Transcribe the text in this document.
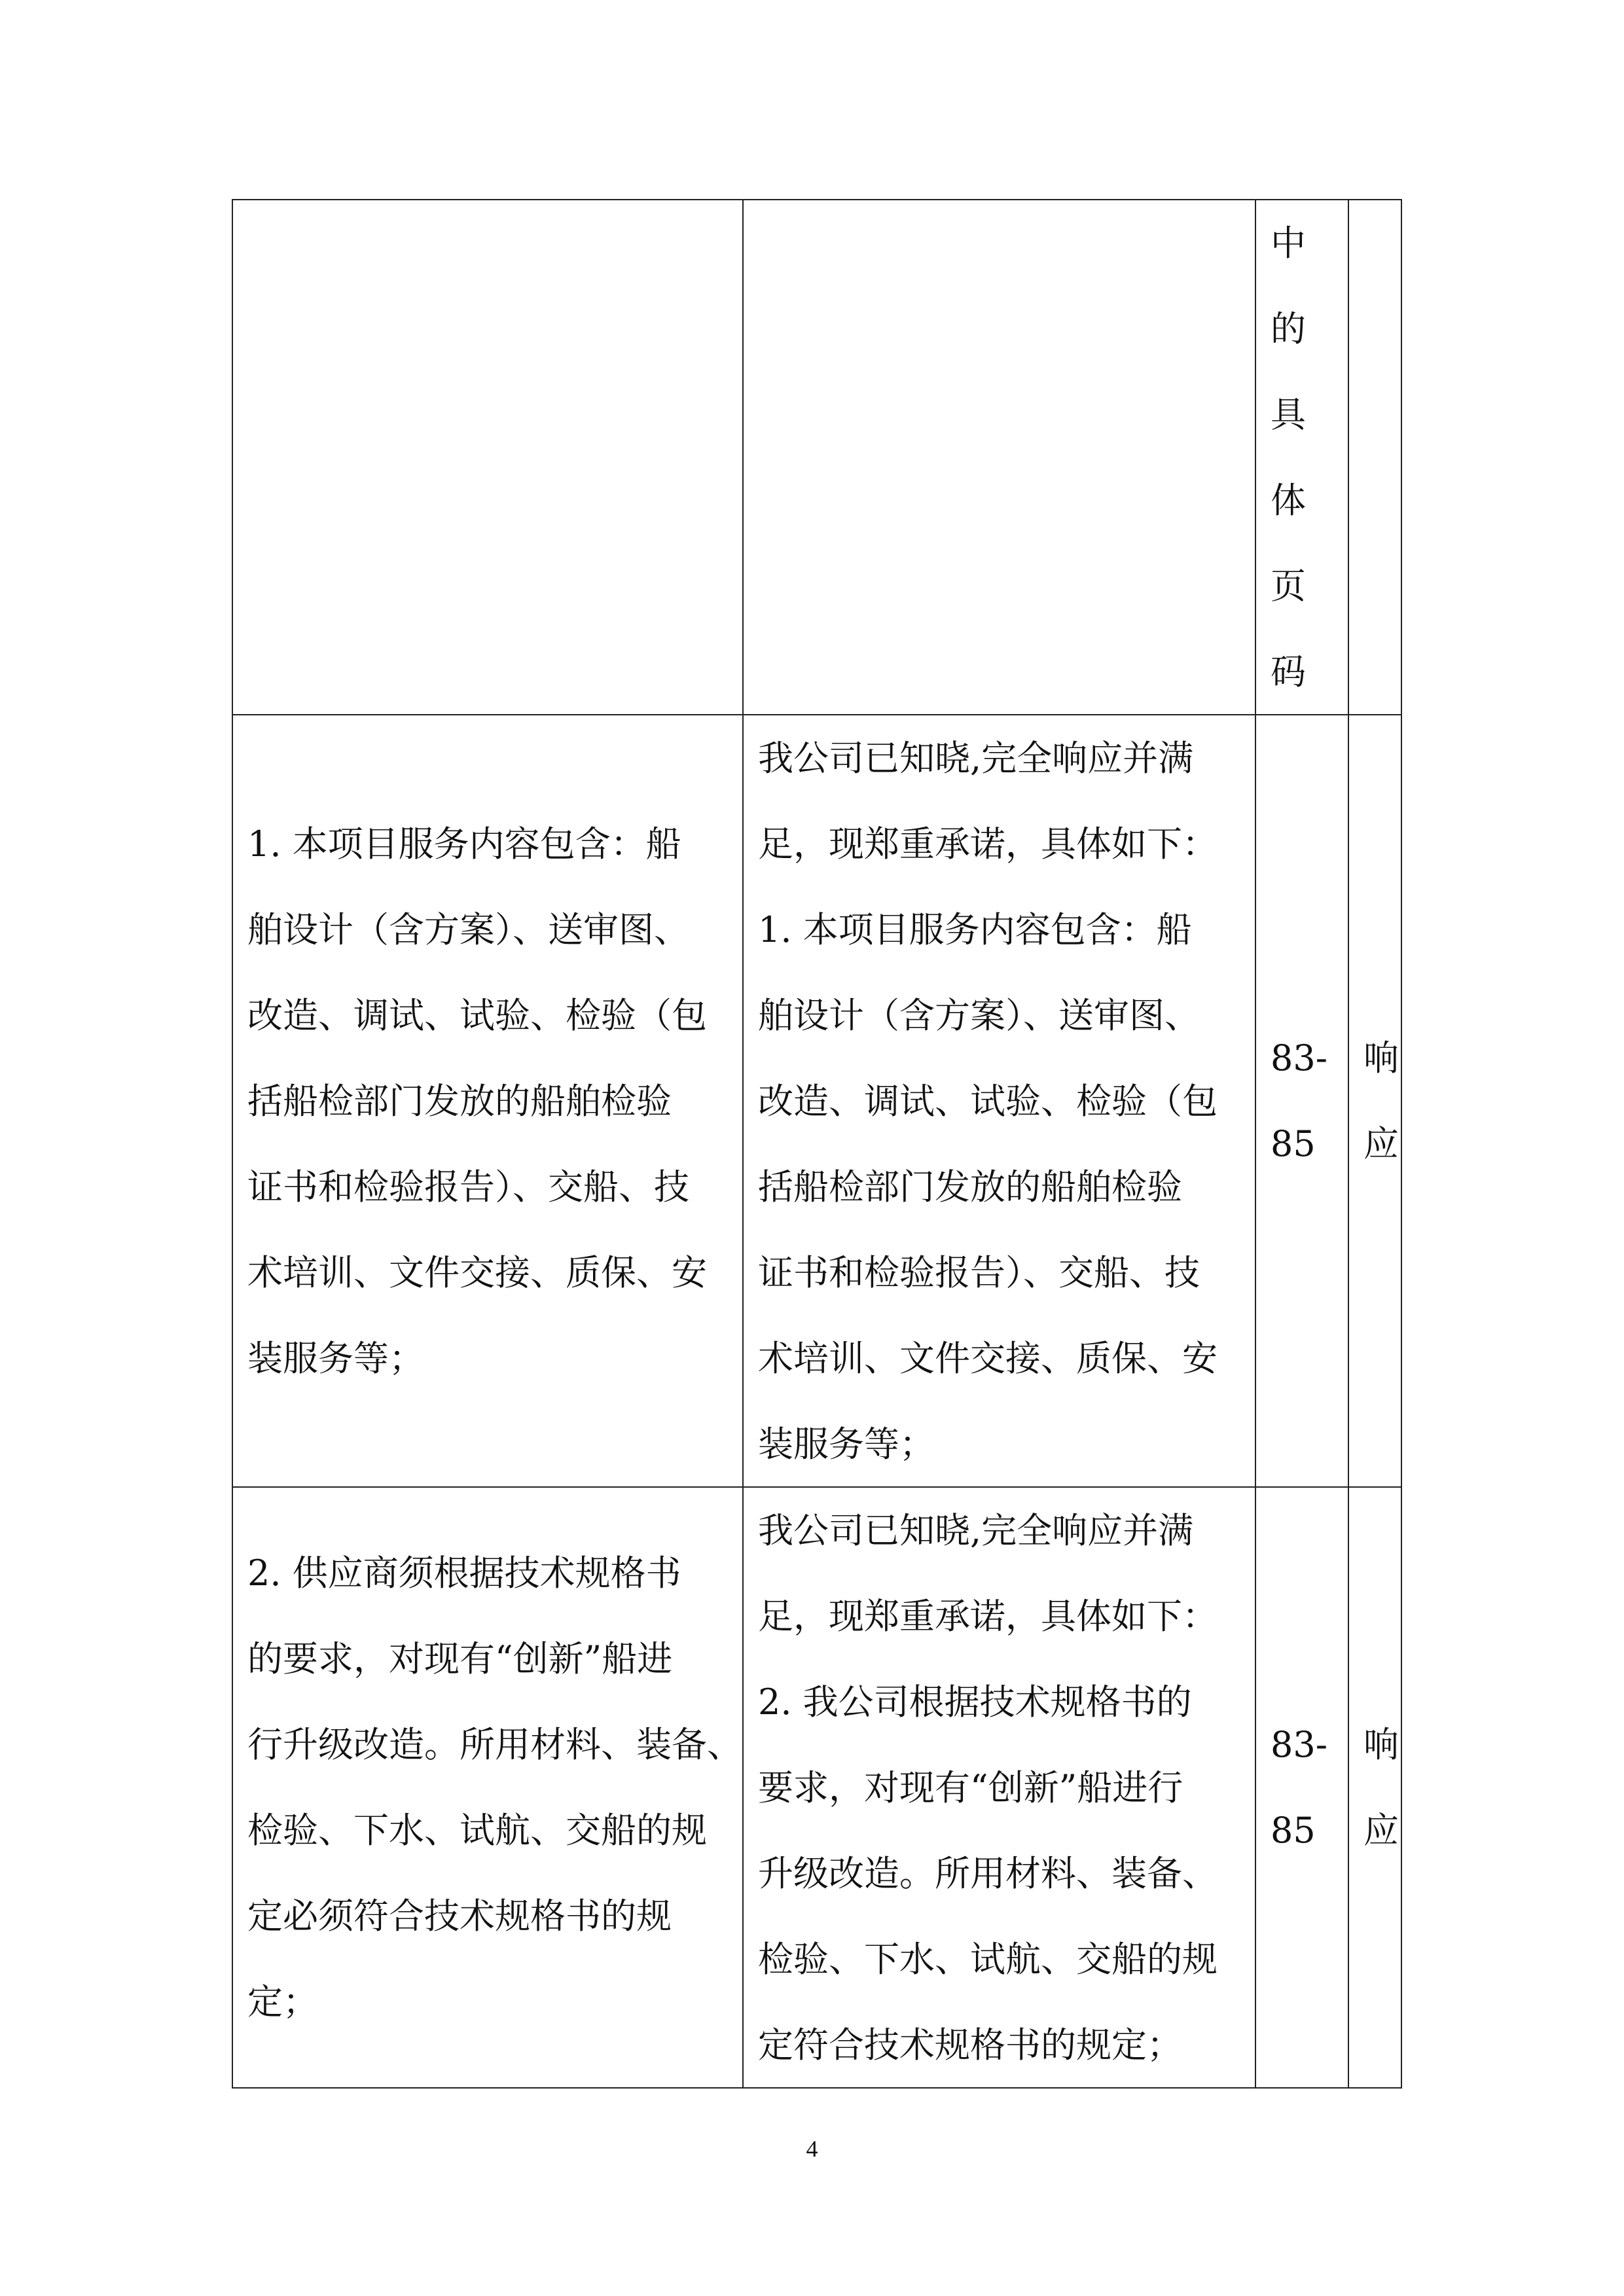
中
的
具
体
页
码
1. 本项目服务内容包含：船
舶设计（含方案）、送审图、
改造、调试、试验、检验（包
括船检部门发放的船舶检验
证书和检验报告）、交船、技
术培训、文件交接、质保、安
装服务等；
我公司已知晓,完全响应并满
足，现郑重承诺，具体如下：
1. 本项目服务内容包含：船
舶设计（含方案）、送审图、
改造、调试、试验、检验（包
括船检部门发放的船舶检验
证书和检验报告）、交船、技
术培训、文件交接、质保、安
装服务等；
83-
85
响
应
2. 供应商须根据技术规格书
的要求，对现有“创新”船进
行升级改造。所用材料、装备、
检验、下水、试航、交船的规
定必须符合技术规格书的规
定；
我公司已知晓,完全响应并满
足，现郑重承诺，具体如下：
2. 我公司根据技术规格书的
要求，对现有“创新”船进行
升级改造。所用材料、装备、
检验、下水、试航、交船的规
定符合技术规格书的规定；
83-
85
响
应
4
